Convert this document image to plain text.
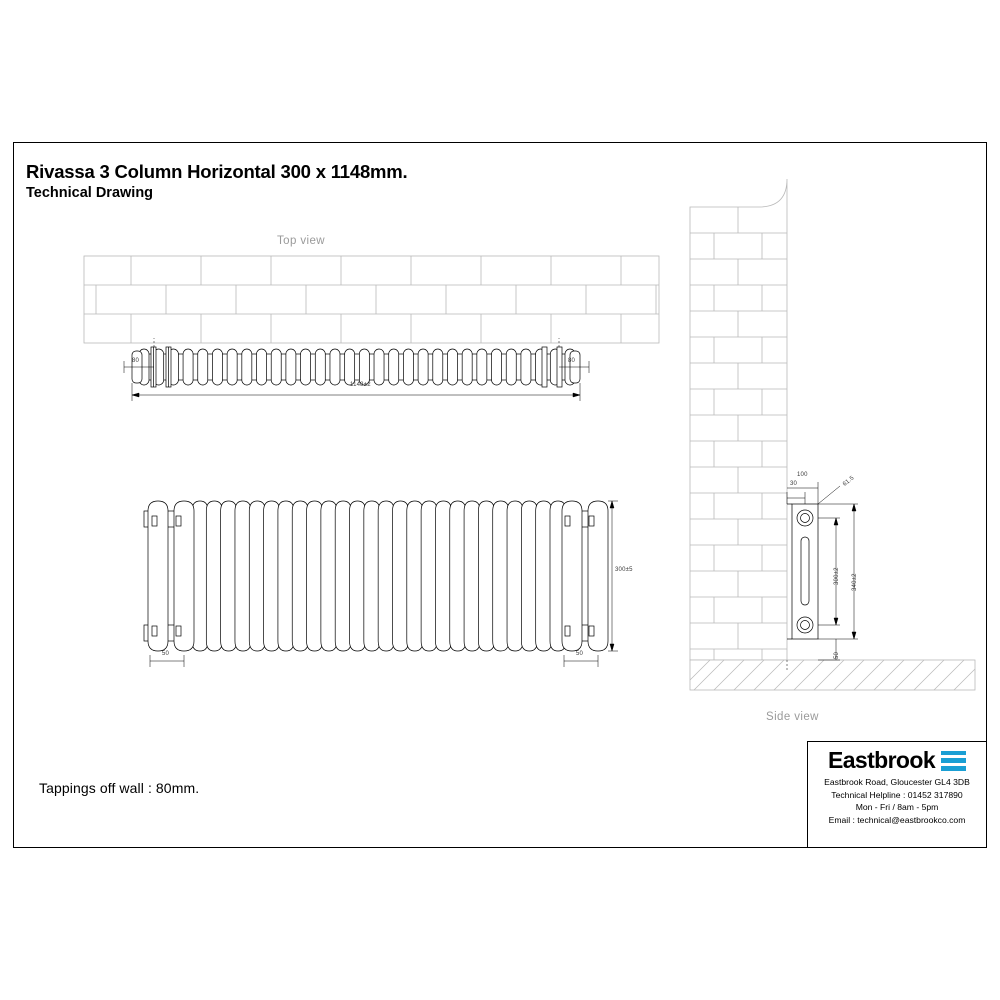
Rivassa 3 Column Horizontal 300 x 1148mm.
Technical Drawing
Top view
Side view
1148±2
80	80
300±5
50	50
30
100
61.5
300±2 340±2
50
Tappings off wall : 80mm.
Eastbrook
Eastbrook Road, Gloucester GL4 3DB
Technical Helpline : 01452 317890
Mon - Fri / 8am - 5pm
Email : technical@eastbrookco.com
